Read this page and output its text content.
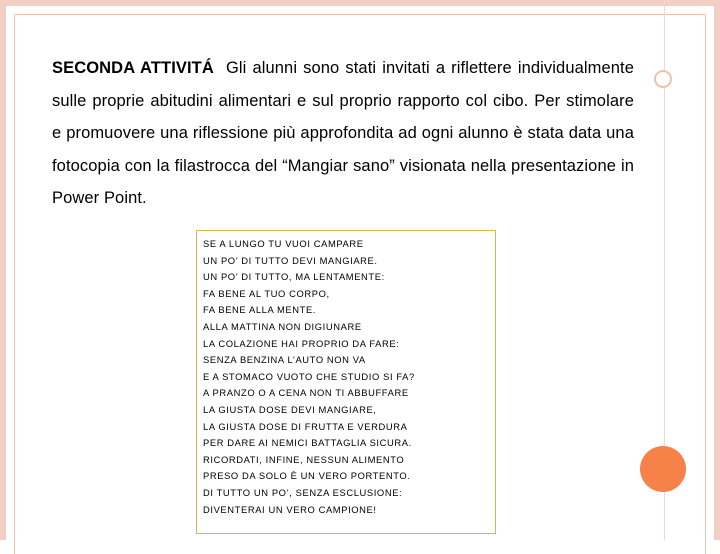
SECONDA ATTIVITÁ Gli alunni sono stati invitati a riflettere individualmente sulle proprie abitudini alimentari e sul proprio rapporto col cibo. Per stimolare e promuovere una riflessione più approfondita ad ogni alunno è stata data una fotocopia con la filastrocca del “Mangiar sano” visionata nella presentazione in Power Point.
SE A LUNGO TU VUOI CAMPARE
UN PO’ DI TUTTO DEVI MANGIARE.
UN PO’ DI TUTTO, MA LENTAMENTE:
FA BENE AL TUO CORPO,
FA BENE ALLA MENTE.
ALLA MATTINA NON DIGIUNARE
LA COLAZIONE HAI PROPRIO DA FARE:
SENZA BENZINA L’AUTO NON VA
E A STOMACO VUOTO CHE STUDIO SI FA?
A PRANZO O A CENA NON TI ABBUFFARE
LA GIUSTA DOSE DEVI MANGIARE,
LA GIUSTA DOSE DI FRUTTA E VERDURA
PER DARE AI NEMICI BATTAGLIA SICURA.
RICORDATI, INFINE, NESSUN ALIMENTO
PRESO DA SOLO È UN VERO PORTENTO.
DI TUTTO UN PO’, SENZA ESCLUSIONE:
DIVENTERAI UN VERO CAMPIONE!
